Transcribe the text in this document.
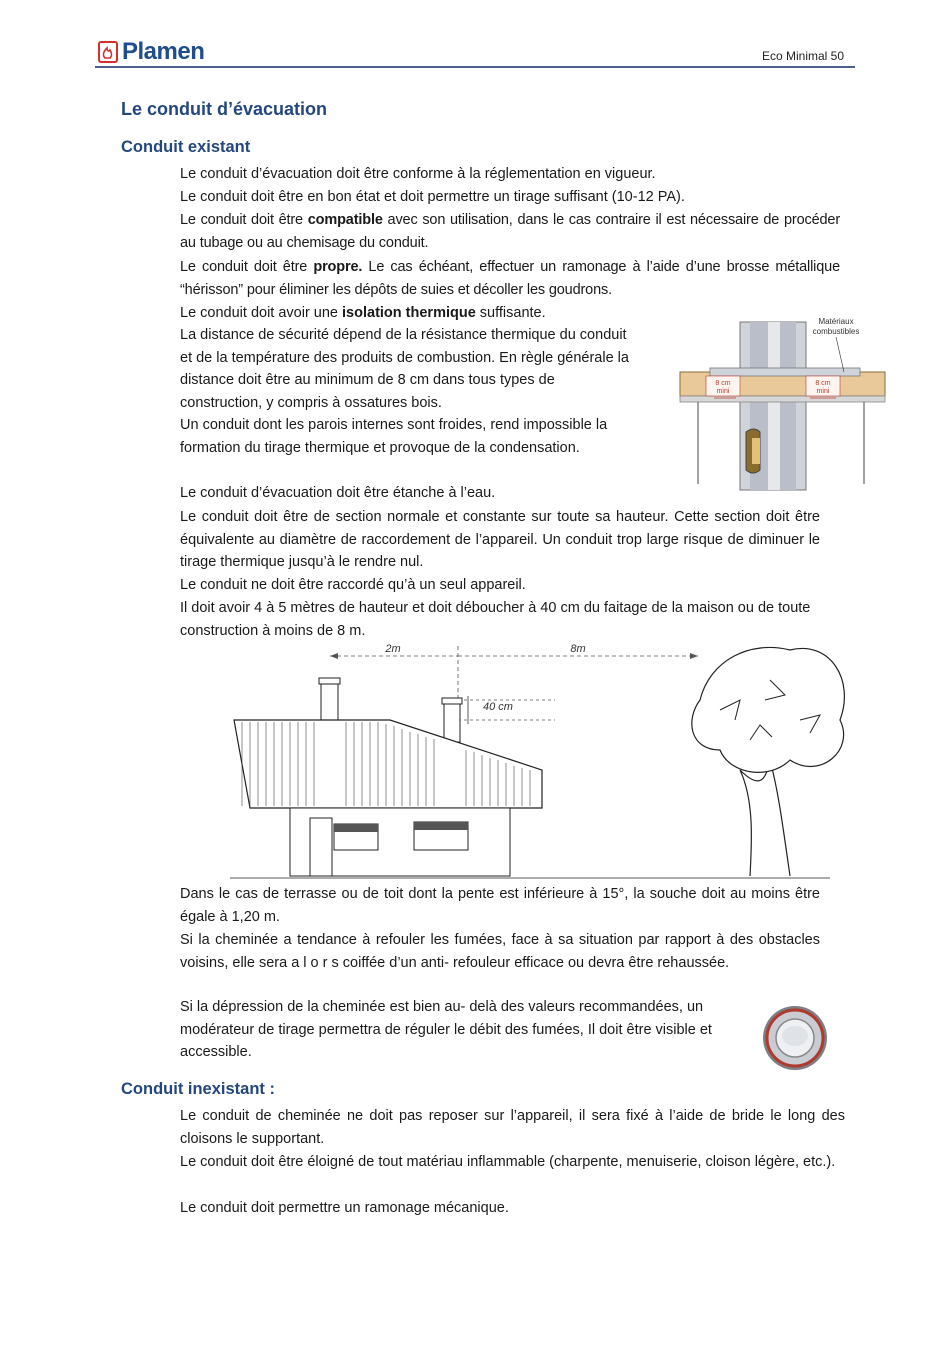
Plamen	Eco Minimal 50
Le conduit d’évacuation
Conduit existant
Le conduit d’évacuation doit être conforme à la réglementation en vigueur.
Le conduit doit être en bon état et doit permettre un tirage suffisant (10-12 PA).
Le conduit doit être compatible avec son utilisation, dans le cas contraire il est nécessaire de procéder au tubage ou au chemisage du conduit.
Le conduit doit être propre. Le cas échéant, effectuer un ramonage à l’aide d’une brosse métallique “hérisson” pour éliminer les dépôts de suies et décoller les goudrons.
Le conduit doit avoir une isolation thermique suffisante.
La distance de sécurité dépend de la résistance thermique du conduit et de la température des produits de combustion. En règle générale la distance doit être au minimum de 8 cm dans tous types de construction, y compris à ossatures bois.
Un conduit dont les parois internes sont froides, rend impossible la formation du tirage thermique et provoque de la condensation.
Le conduit d’évacuation doit être étanche à l’eau.
Le conduit doit être de section normale et constante sur toute sa hauteur. Cette section doit être équivalente au diamètre de raccordement de l’appareil. Un conduit trop large risque de diminuer le tirage thermique jusqu’à le rendre nul.
Le conduit ne doit être raccordé qu’à un seul appareil.
Il doit avoir 4 à 5 mètres de hauteur et doit déboucher à 40 cm du faitage de la maison ou de toute construction à moins de 8 m.
Matériaux
combustibles
8 cm
mini
8 cm
mini
2m	8m
40 cm
Dans le cas de terrasse ou de toit dont la pente est inférieure à 15°, la souche doit au moins être égale à 1,20 m.
Si la cheminée a tendance à refouler les fumées, face à sa situation par rapport à des obstacles voisins, elle sera a l o r s coiffée d’un anti- refouleur efficace ou devra être rehaussée.
Si la dépression de la cheminée est bien au- delà des valeurs recommandées, un modérateur de tirage permettra de réguler le débit des fumées, Il doit être visible et accessible.
Conduit inexistant :
Le conduit de cheminée ne doit pas reposer sur l’appareil, il sera fixé à l’aide de bride le long des cloisons le supportant.
Le conduit doit être éloigné de tout matériau inflammable (charpente, menuiserie, cloison légère, etc.).
Le conduit doit permettre un ramonage mécanique.
